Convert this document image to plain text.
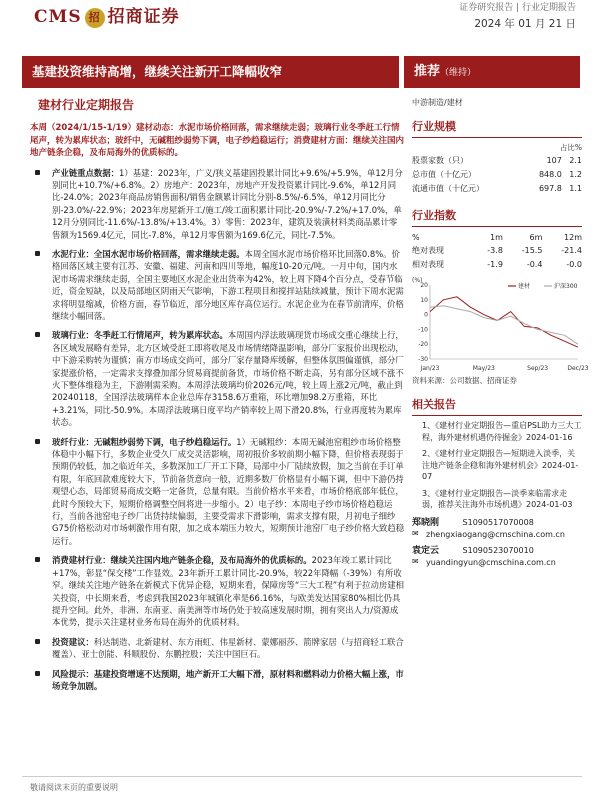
CMS 招 招商证券	证券研究报告 | 行业定期报告
2024 年 01 月 21 日
基建投资维持高增，继续关注新开工降幅收窄	推荐（维持）
建材行业定期报告	中游制造/建材

本周（2024/1/15-1/19）建材动态：水泥市场价格回落，需求继续走弱；玻璃行业冬季赶工行情尾声，转为累库状态；玻纤中，无碱粗纱弱势下调，电子纱趋稳运行；消费建材方面：继续关注国内地产链条企稳，及布局海外的优质标的。

产业链重点数据：1）基建：2023年，广义/狭义基建固投累计同比+9.6%/+5.9%，单12月分别同比+10.7%/+6.8%。2）房地产：2023年，房地产开发投资累计同比-9.6%，单12月同比-24.0%；2023年商品房销售面积/销售金额累计同比分别-8.5%/-6.5%，单12月同比分别-23.0%/-22.9%；2023年房屋新开工/施工/竣工面积累计同比-20.9%/-7.2%/+17.0%，单12月分别同比-11.6%/-13.8%/+13.4%。3）零售：2023年，建筑及装潢材料类商品累计零售额为1569.4亿元，同比-7.8%，单12月零售额为169.6亿元，同比-7.5%。
水泥行业：全国水泥市场价格回落，需求继续走弱。本周全国水泥市场价格环比回落0.8%。价格回落区域主要有江苏、安徽、福建、河南和四川等地，幅度10-20元/吨。一月中旬，国内水泥市场需求继续走弱，全国主要地区水泥企业出货率为42%，较上周下降4个百分点，受春节临近，资金短缺，以及局部地区阴雨天气影响，下游工程项目和搅拌站陆续减量，预计下周水泥需求将明显缩减，价格方面，春节临近，部分地区库存高位运行。水泥企业为在春节前清库，价格继续小幅回落。
玻璃行业：冬季赶工行情尾声，转为累库状态。本周国内浮法玻璃现货市场成交重心继续上行，各区域发展略有差异，北方区域受赶工即将收尾及市场情绪降温影响，部分厂家报价出现松动，中下游采购转为谨慎；南方市场成交尚可，部分厂家存量降库缓解，但整体氛围偏谨慎，部分厂家提涨价格，一定需求支撑叠加部分贸易商提前备货，市场价格不断走高，另有部分区域不涨不火下整体维稳为主，下游刚需采购。本周浮法玻璃均价2026元/吨，较上周上涨2元/吨，截止到20240118，全国浮法玻璃样本企业总库存3158.6万重箱，环比增加98.2万重箱，环比+3.21%，同比-50.9%。本周浮法玻璃日度平均产销率较上周下滑20.8%，行业再度转为累库状态。
玻纤行业：无碱粗纱弱势下调，电子纱趋稳运行。1）无碱粗纱：本周无碱池窑粗纱市场价格整体稳中小幅下行，多数企业受久厂成交灵活影响，周初报价多较前期小幅下降，但价格表现弱于预期仍较低，加之临近年关，多数深加工厂开工下降，局部中小厂陆续放假，加之当前在手订单有限，年底回款难度较大下，节前备货意向一般，近期多数厂价格显有小幅下调，但中下游仍持观望心态，局部贸易商成交略一定备货，总量有限。当前价格水平来看，市场价格底部年低位，此时今预较大下，短期价格调整空间将进一步缩小。2）电子纱：本周电子纱市场价格趋稳运行，当前各池窑电子纱厂出货持续偏弱，主要受需求下滑影响，需求支撑有限，月初电子细纱G75价格松动对市场刺激作用有限，加之成本端压力较大，短期预计池窑厂电子纱价格大致趋稳运行。
消费建材行业：继续关注国内地产链条企稳，及布局海外的优质标的。2023年竣工累计同比+17%，彰显“保交楼”工作显效。23年新开工累计同比-20.9%，较22年降幅（-39%）有所收窄。继续关注地产链条在新模式下优异企稳，短期来看，保障房等“三大工程”有利于拉动房建相关投资，中长期来看，考虑到我国2023年城镇化率是66.16%，与欧美发达国家80%相比仍具提升空间。此外，非洲、东南亚、南美洲等市场仍处于较高速发展时期，拥有突出人力/资源成本优势，提示关注建材业务布局在海外的优质材料。
投资建议：科达制造、北新建材、东方雨虹、伟星新材、蒙娜丽莎、箭牌家居（与招商轻工联合覆盖）、亚士创能、科顺股份、东鹏控股；关注中国巨石。
风险提示：基建投资增速不达预期，地产新开工大幅下滑，原材料和燃料动力价格大幅上涨，市场竞争加剧。
行业规模
占比%
股票家数（只）	107	2.1
总市值（十亿元）	848.0	1.2
流通市值（十亿元）	697.8	1.1
行业指数
%	1m	6m	12m
绝对表现	-3.8	-15.5	-21.4
相对表现	-1.9	-0.4	-0.0
(%)
-30
-20
-10
0
10
20
Jan/23	May/23	Sep/23	Dec/23
建材	沪深300
资料来源：公司数据、招商证券
相关报告
1、《建材行业定期报告—重启PSL助力三大工程，海外建材机遇仍待掘金》2024-01-16
2、《建材行业定期报告—短期进入淡季，关注地产链条企稳和海外建材机会》2024-01-07
3、《建材行业定期报告—淡季来临需求走弱，推荐关注海外市场机遇》2024-01-03
郑晓刚	S1090517070008
✉ zhengxiaogang@cmschina.com.cn
袁定云	S1090523070010
✉ yuandingyun@cmschina.com.cn
敬请阅读末页的重要说明
